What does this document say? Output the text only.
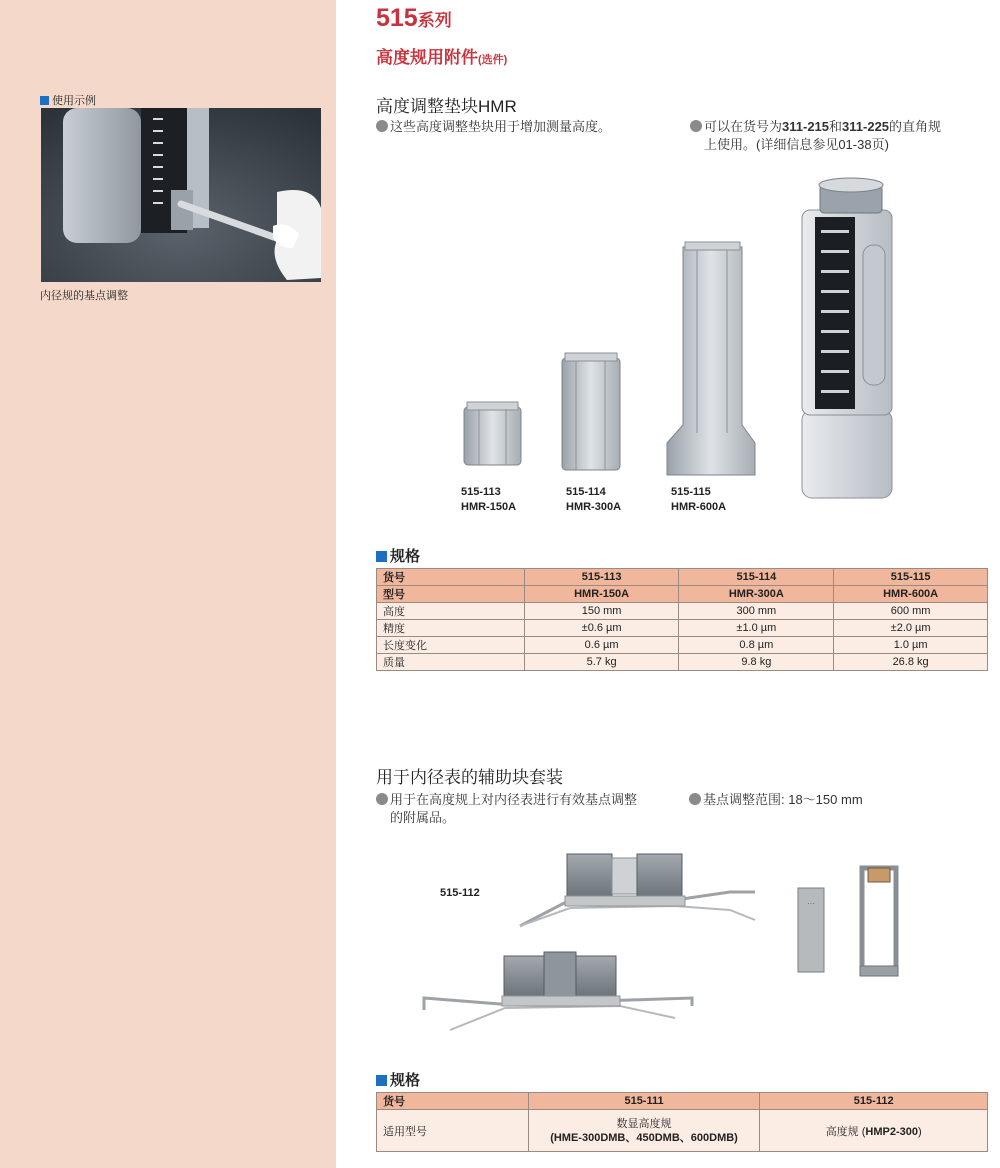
使用示例
内径规的基点调整
515系列
高度规用附件(选件)
高度调整垫块HMR
这些高度调整垫块用于增加测量高度。	可以在货号为311-215和311-225的直角规
上使用。(详细信息参见01-38页)
515-113
HMR-150A
515-114
HMR-300A
515-115
HMR-600A
规格
货号	515-113	515-114	515-115
型号	HMR-150A	HMR-300A	HMR-600A
高度	150 mm	300 mm	600 mm
精度	±0.6 µm	±1.0 µm	±2.0 µm
长度变化	0.6 µm	0.8 µm	1.0 µm
质量	5.7 kg	9.8 kg	26.8 kg
用于内径表的辅助块套装
用于在高度规上对内径表进行有效基点调整
的附属品。
基点调整范围: 18〜150 mm
515-112
···
规格
货号	515-111	515-112
适用型号	数显高度规
(HME-300DMB、450DMB、600DMB)	高度规 (HMP2-300)
